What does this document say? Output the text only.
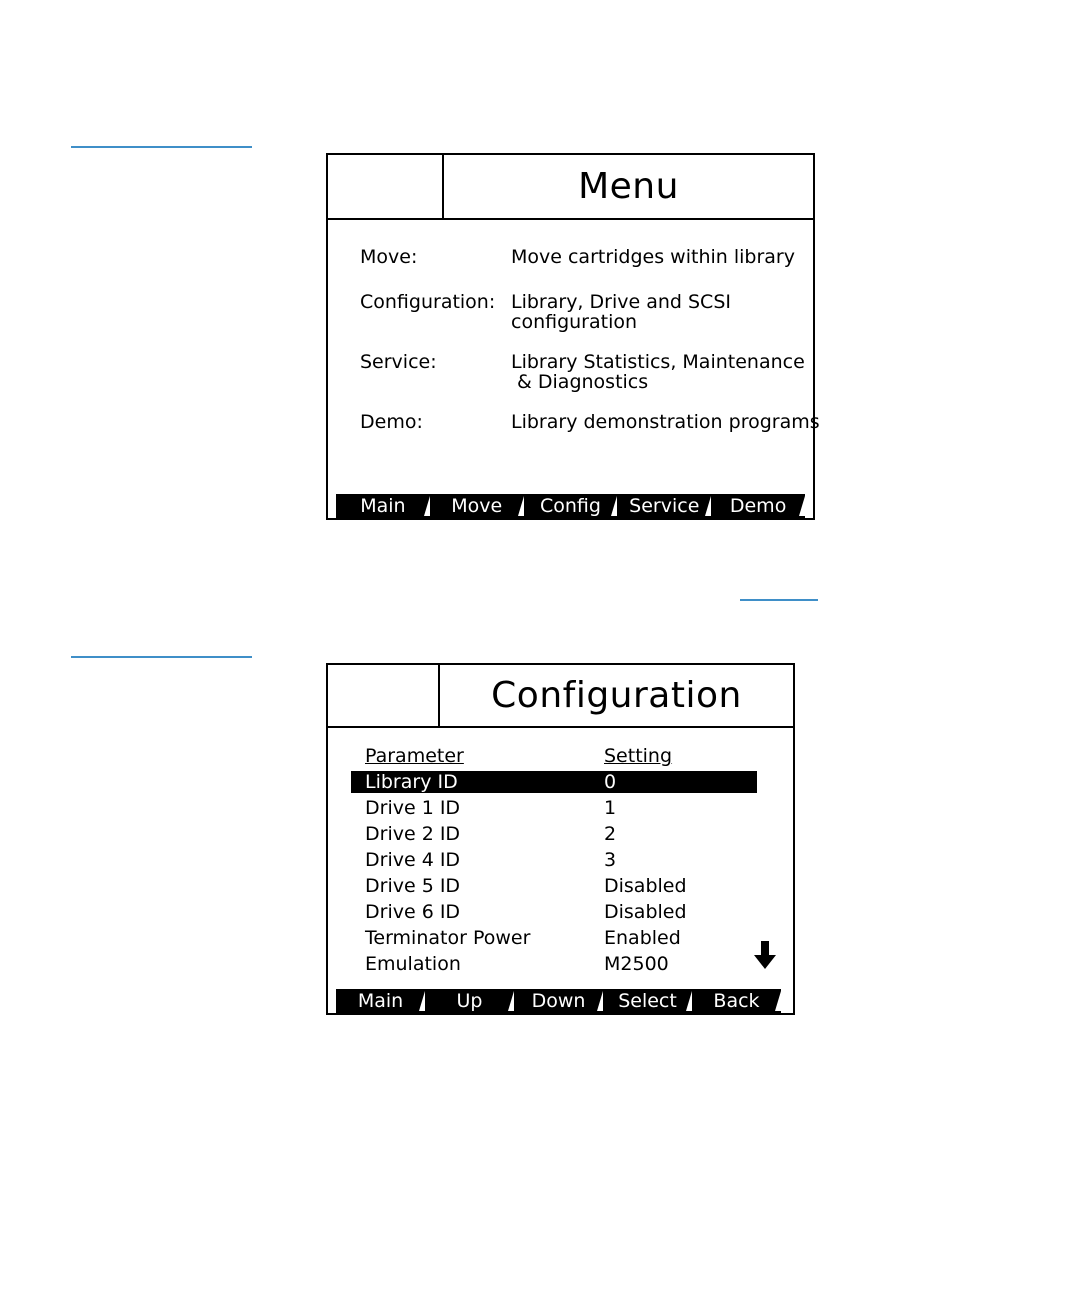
Menu
Move:	Move cartridges within library
Configuration: Library, Drive and SCSI
configuration
Service:	Library Statistics, Maintenance
& Diagnostics
Demo:	Library demonstration programs
Main	Move	Config	Service	Demo
Configuration
Parameter	Setting
Library ID	0
Drive 1 ID	1
Drive 2 ID	2
Drive 4 ID	3
Drive 5 ID	Disabled
Drive 6 ID	Disabled
Terminator Power	Enabled
Emulation	M2500
Main	Up	Down	Select	Back
